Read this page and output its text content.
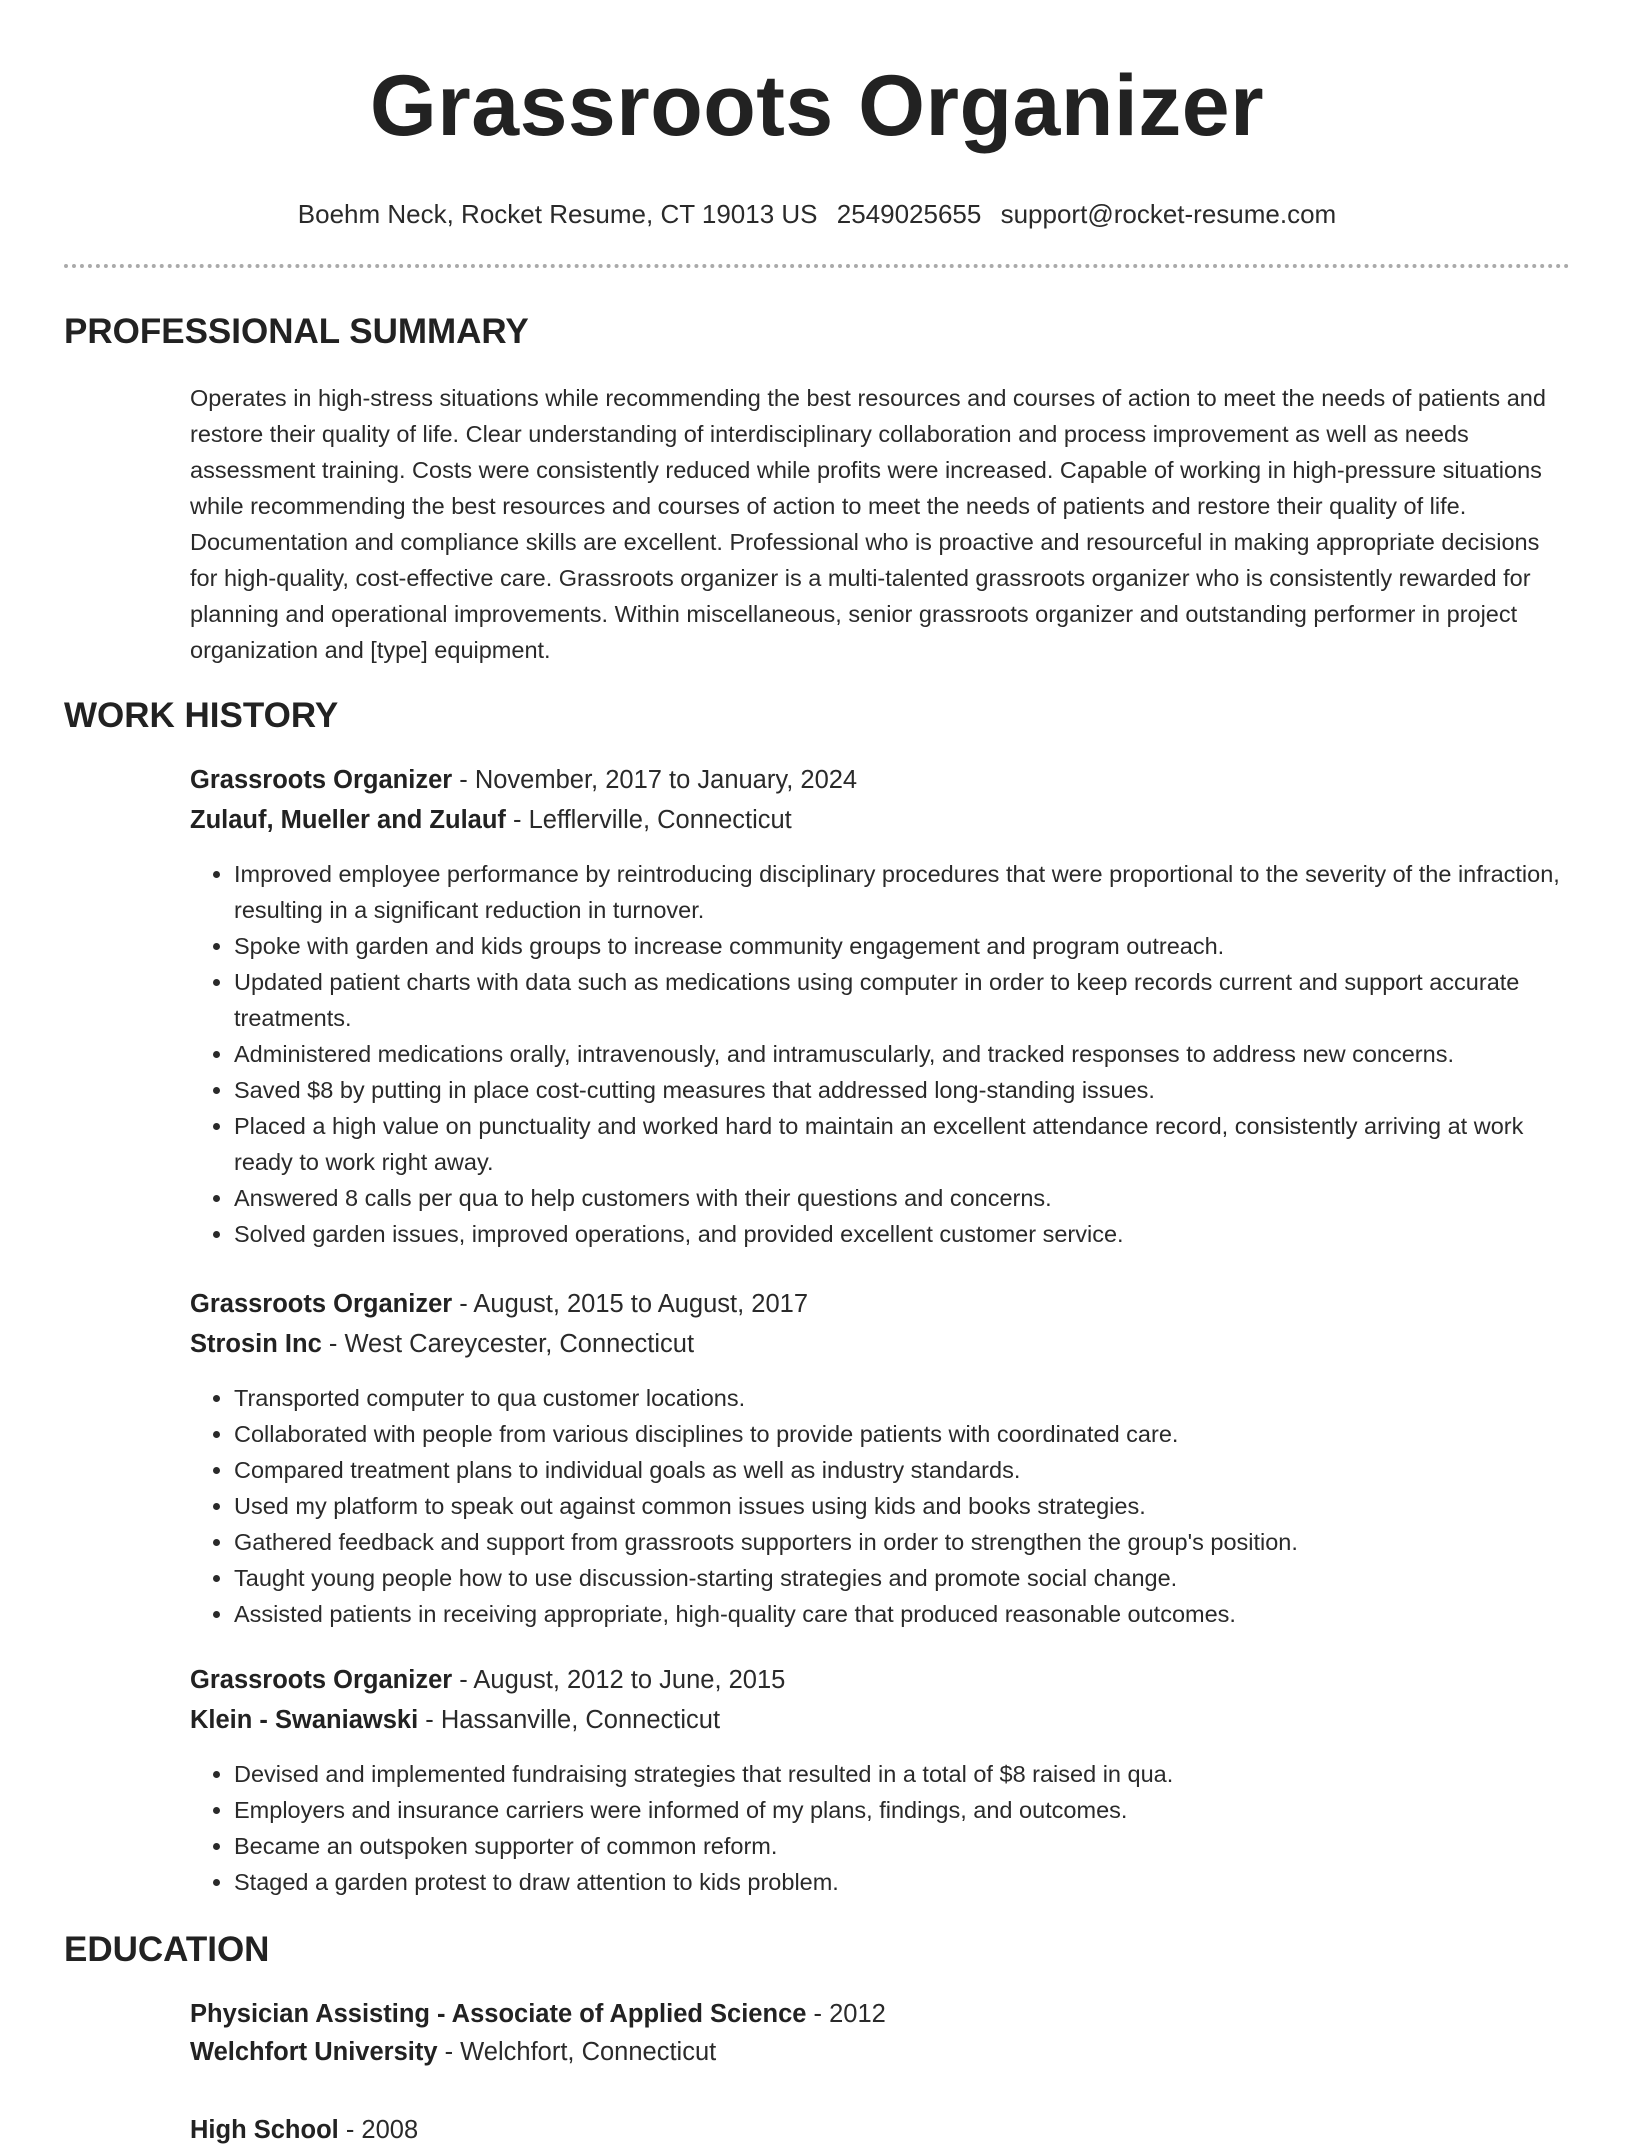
Grassroots Organizer
Boehm Neck, Rocket Resume, CT 19013 US 2549025655 support@rocket-resume.com
PROFESSIONAL SUMMARY

Operates in high-stress situations while recommending the best resources and courses of action to meet the needs of patients and restore their quality of life. Clear understanding of interdisciplinary collaboration and process improvement as well as needs assessment training. Costs were consistently reduced while profits were increased. Capable of working in high-pressure situations while recommending the best resources and courses of action to meet the needs of patients and restore their quality of life. Documentation and compliance skills are excellent. Professional who is proactive and resourceful in making appropriate decisions for high-quality, cost-effective care. Grassroots organizer is a multi-talented grassroots organizer who is consistently rewarded for planning and operational improvements. Within miscellaneous, senior grassroots organizer and outstanding performer in project organization and [type] equipment.

WORK HISTORY

Grassroots Organizer - November, 2017 to January, 2024

Zulauf, Mueller and Zulauf - Lefflerville, Connecticut

• Improved employee performance by reintroducing disciplinary procedures that were proportional to the severity of the infraction, resulting in a significant reduction in turnover.
• Spoke with garden and kids groups to increase community engagement and program outreach.
• Updated patient charts with data such as medications using computer in order to keep records current and support accurate treatments.
• Administered medications orally, intravenously, and intramuscularly, and tracked responses to address new concerns.
• Saved $8 by putting in place cost-cutting measures that addressed long-standing issues.
• Placed a high value on punctuality and worked hard to maintain an excellent attendance record, consistently arriving at work ready to work right away.
• Answered 8 calls per qua to help customers with their questions and concerns.
• Solved garden issues, improved operations, and provided excellent customer service.

Grassroots Organizer - August, 2015 to August, 2017

Strosin Inc - West Careycester, Connecticut

• Transported computer to qua customer locations.
• Collaborated with people from various disciplines to provide patients with coordinated care.
• Compared treatment plans to individual goals as well as industry standards.
• Used my platform to speak out against common issues using kids and books strategies.
• Gathered feedback and support from grassroots supporters in order to strengthen the group's position.
• Taught young people how to use discussion-starting strategies and promote social change.
• Assisted patients in receiving appropriate, high-quality care that produced reasonable outcomes.

Grassroots Organizer - August, 2012 to June, 2015

Klein - Swaniawski - Hassanville, Connecticut

• Devised and implemented fundraising strategies that resulted in a total of $8 raised in qua.
• Employers and insurance carriers were informed of my plans, findings, and outcomes.
• Became an outspoken supporter of common reform.
• Staged a garden protest to draw attention to kids problem.
EDUCATION

Physician Assisting - Associate of Applied Science - 2012

Welchfort University - Welchfort, Connecticut

High School - 2008
